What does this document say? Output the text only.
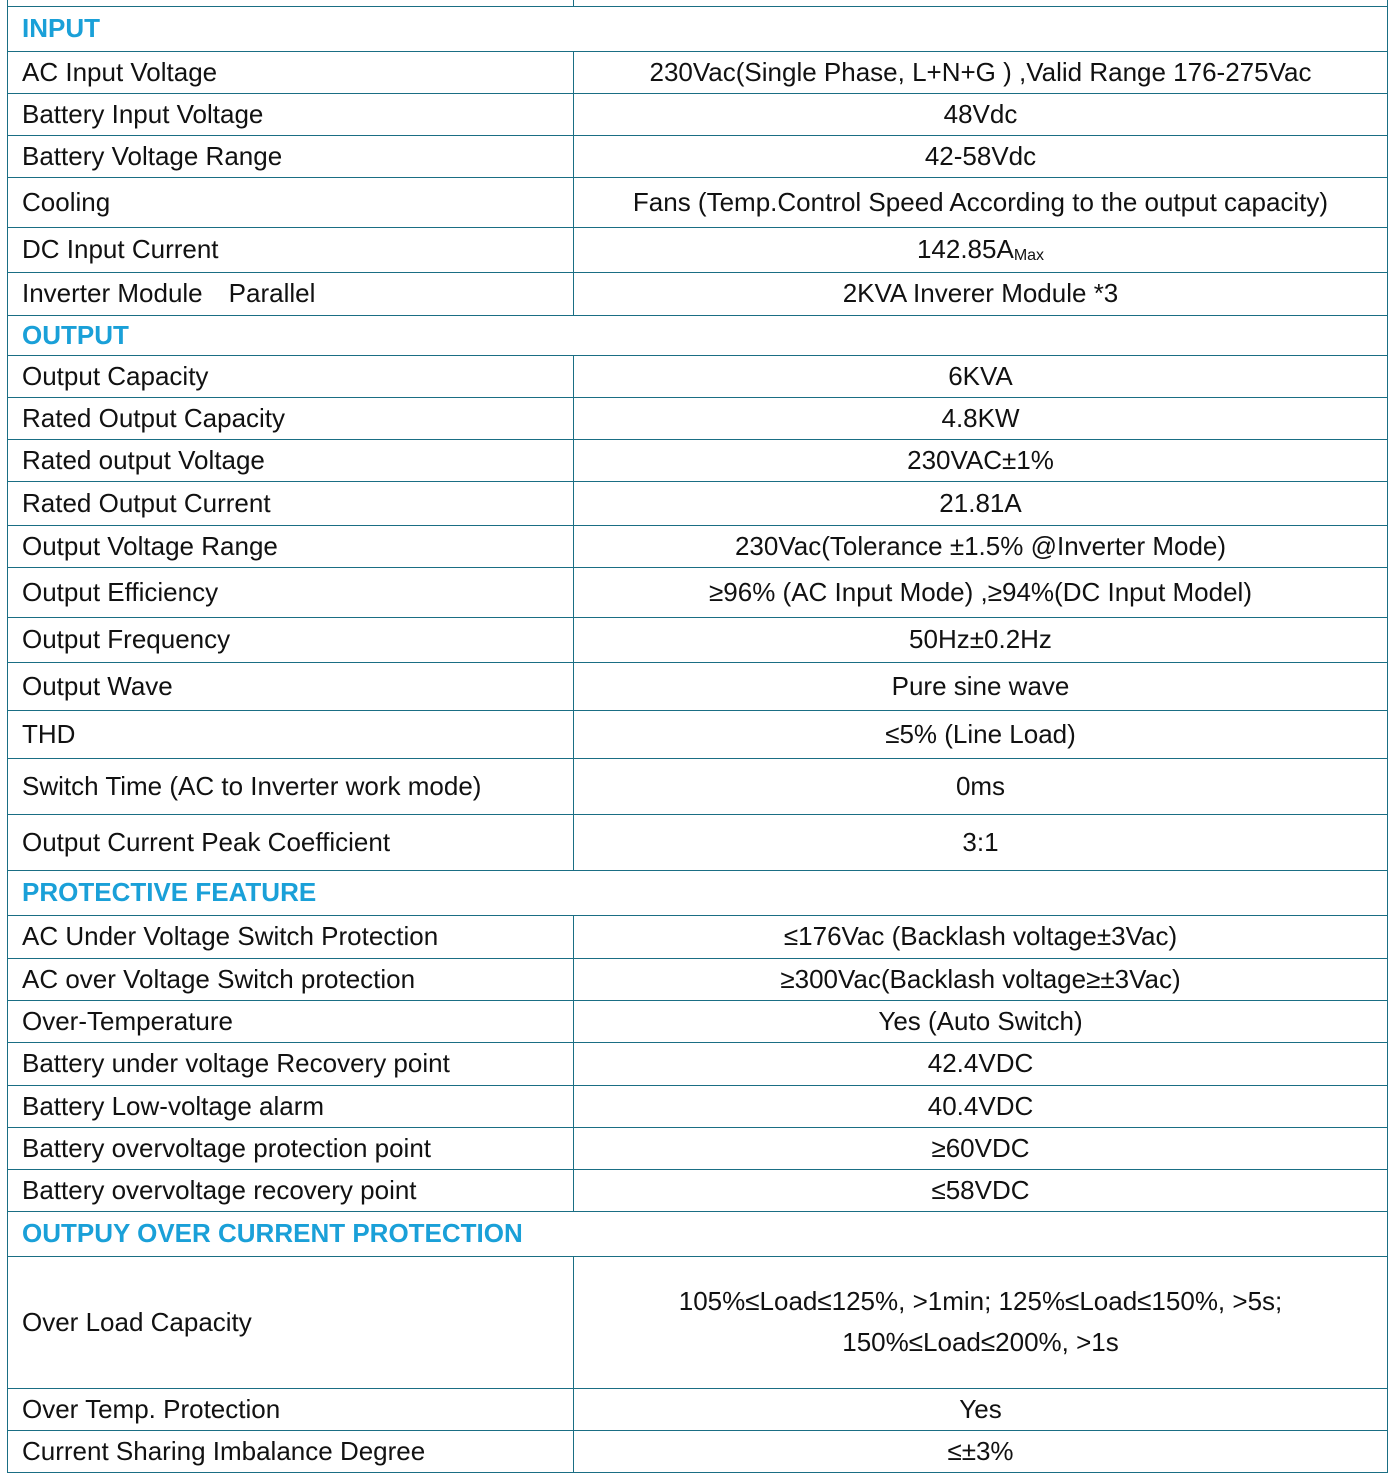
INPUT	
AC Input Voltage	230Vac(Single Phase, L+N+G ) ,Valid Range 176-275Vac
Battery Input Voltage	48Vdc
Battery Voltage Range	42-58Vdc
Cooling	Fans (Temp.Control Speed According to the output capacity)
DC Input Current	$142.85A_{Max}$
Inverter Module Parallel	2KVA Inverer Module *3
OUTPUT	
Output Capacity	6KVA
Rated Output Capacity	4.8KW
Rated output Voltage	230VAC±1%
Rated Output Current	21.81A
Output Voltage Range	230Vac(Tolerance ±1.5% @Inverter Mode)
Output Efficiency	≥96% (AC Input Mode) ,≥94%(DC Input Model)
Output Frequency	50Hz±0.2Hz
Output Wave	Pure sine wave
THD	≤5% (Line Load)
Switch Time (AC to Inverter work mode)	0ms
Output Current Peak Coefficient	3:1
PROTECTIVE FEATURE	
AC Under Voltage Switch Protection	≤176Vac (Backlash voltage±3Vac)
AC over Voltage Switch protection	≥300Vac(Backlash voltage≥±3Vac)
Over-Temperature	Yes (Auto Switch)
Battery under voltage Recovery point	42.4VDC
Battery Low-voltage alarm	40.4VDC
Battery overvoltage protection point	≥60VDC
Battery overvoltage recovery point	≤58VDC
OUTPUY OVER CURRENT PROTECTION	
Over Load Capacity	105%≤Load≤125%, >1min; 125%≤Load≤150%, >5s;
150%≤Load≤200%, >1s

Over Temp. Protection	Yes
Current Sharing Imbalance Degree	≤±3%
